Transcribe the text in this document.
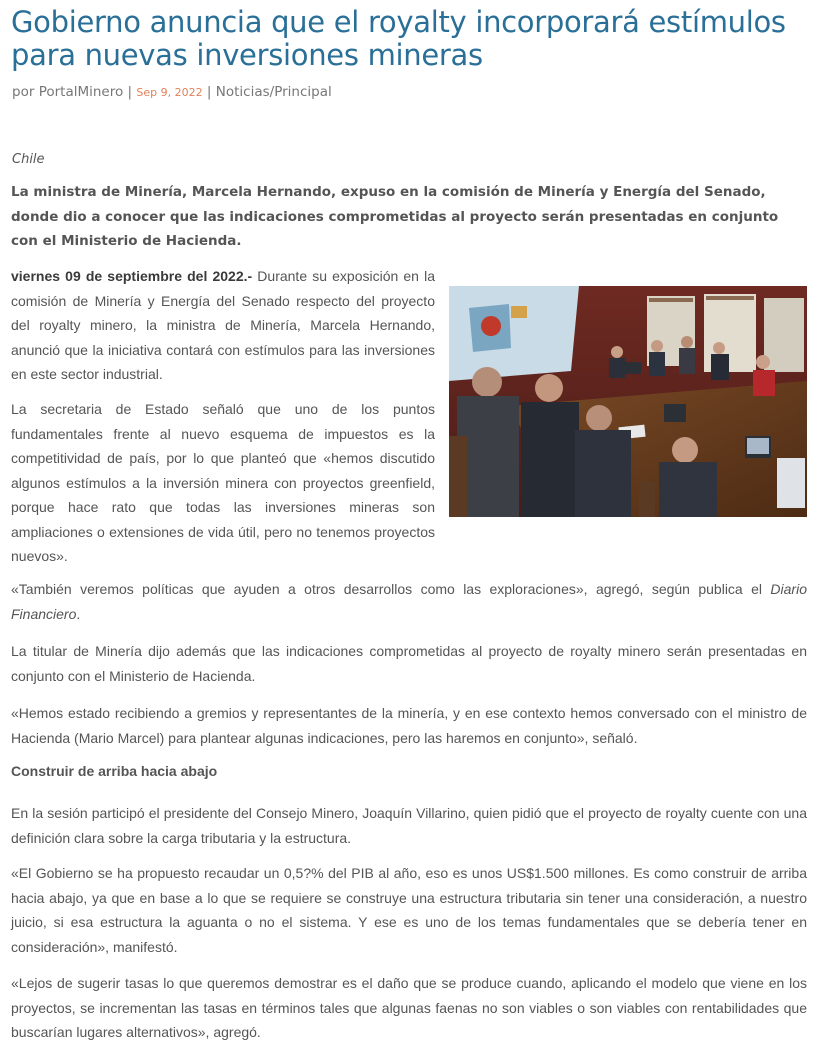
Gobierno anuncia que el royalty incorporará estímulos para nuevas inversiones mineras
por PortalMinero | Sep 9, 2022 | Noticias/Principal

Chile

La ministra de Minería, Marcela Hernando, expuso en la comisión de Minería y Energía del Senado, donde dio a conocer que las indicaciones comprometidas al proyecto serán presentadas en conjunto con el Ministerio de Hacienda.

viernes 09 de septiembre del 2022.- Durante su exposición en la comisión de Minería y Energía del Senado respecto del proyecto del royalty minero, la ministra de Minería, Marcela Hernando, anunció que la iniciativa contará con estímulos para las inversiones en este sector industrial.

La secretaria de Estado señaló que uno de los puntos fundamentales frente al nuevo esquema de impuestos es la competitividad de país, por lo que planteó que «hemos discutido algunos estímulos a la inversión minera con proyectos greenfield, porque hace rato que todas las inversiones mineras son ampliaciones o extensiones de vida útil, pero no tenemos proyectos nuevos».

«También veremos políticas que ayuden a otros desarrollos como las exploraciones», agregó, según publica el Diario Financiero.

La titular de Minería dijo además que las indicaciones comprometidas al proyecto de royalty minero serán presentadas en conjunto con el Ministerio de Hacienda.

«Hemos estado recibiendo a gremios y representantes de la minería, y en ese contexto hemos conversado con el ministro de Hacienda (Mario Marcel) para plantear algunas indicaciones, pero las haremos en conjunto», señaló.

Construir de arriba hacia abajo

En la sesión participó el presidente del Consejo Minero, Joaquín Villarino, quien pidió que el proyecto de royalty cuente con una definición clara sobre la carga tributaria y la estructura.

«El Gobierno se ha propuesto recaudar un 0,5?% del PIB al año, eso es unos US$1.500 millones. Es como construir de arriba hacia abajo, ya que en base a lo que se requiere se construye una estructura tributaria sin tener una consideración, a nuestro juicio, si esa estructura la aguanta o no el sistema. Y ese es uno de los temas fundamentales que se debería tener en consideración», manifestó.

«Lejos de sugerir tasas lo que queremos demostrar es el daño que se produce cuando, aplicando el modelo que viene en los proyectos, se incrementan las tasas en términos tales que algunas faenas no son viables o son viables con rentabilidades que buscarían lugares alternativos», agregó.
